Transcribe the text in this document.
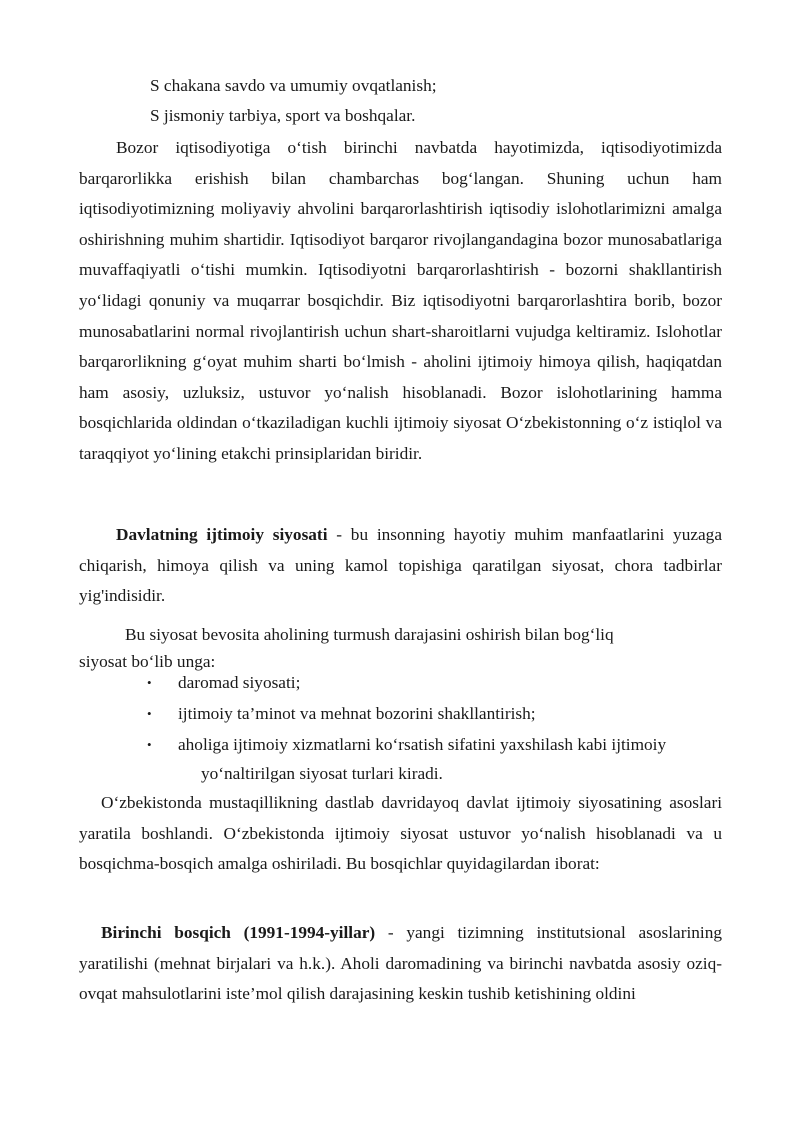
S chakana savdo va umumiy ovqatlanish;

S jismoniy tarbiya, sport va boshqalar.

Bozor iqtisodiyotiga o‘tish birinchi navbatda hayotimizda, iqtisodiyotimizda barqarorlikka erishish bilan chambarchas bog‘langan. Shuning uchun ham iqtisodiyotimizning moliyaviy ahvolini barqarorlashtirish iqtisodiy islohotlarimizni amalga oshirishning muhim shartidir. Iqtisodiyot barqaror rivojlangandagina bozor munosabatlariga muvaffaqiyatli o‘tishi mumkin. Iqtisodiyotni barqarorlashtirish - bozorni shakllantirish yo‘lidagi qonuniy va muqarrar bosqichdir. Biz iqtisodiyotni barqarorlashtira borib, bozor munosabatlarini normal rivojlantirish uchun shart-sharoitlarni vujudga keltiramiz. Islohotlar barqarorlikning g‘oyat muhim sharti bo‘lmish - aholini ijtimoiy himoya qilish, haqiqatdan ham asosiy, uzluksiz, ustuvor yo‘nalish hisoblanadi. Bozor islohotlarining hamma bosqichlarida oldindan o‘tkaziladigan kuchli ijtimoiy siyosat O‘zbekistonning o‘z istiqlol va taraqqiyot yo‘lining etakchi prinsiplaridan biridir.

Davlatning ijtimoiy siyosati - bu insonning hayotiy muhim manfaatlarini yuzaga chiqarish, himoya qilish va uning kamol topishiga qaratilgan siyosat, chora tadbirlar yig'indisidir.

Bu siyosat bevosita aholining turmush darajasini oshirish bilan bog‘liq

siyosat bo‘lib unga:

• daromad siyosati;
• ijtimoiy ta’minot va mehnat bozorini shakllantirish;
• aholiga ijtimoiy xizmatlarni ko‘rsatish sifatini yaxshilash kabi ijtimoiy

yo‘naltirilgan siyosat turlari kiradi.

O‘zbekistonda mustaqillikning dastlab davridayoq davlat ijtimoiy siyosatining asoslari yaratila boshlandi. O‘zbekistonda ijtimoiy siyosat ustuvor yo‘nalish hisoblanadi va u bosqichma-bosqich amalga oshiriladi. Bu bosqichlar quyidagilardan iborat:

Birinchi bosqich (1991-1994-yillar) - yangi tizimning institutsional asoslarining yaratilishi (mehnat birjalari va h.k.). Aholi daromadining va birinchi navbatda asosiy oziq-ovqat mahsulotlarini iste’mol qilish darajasining keskin tushib ketishining oldini
